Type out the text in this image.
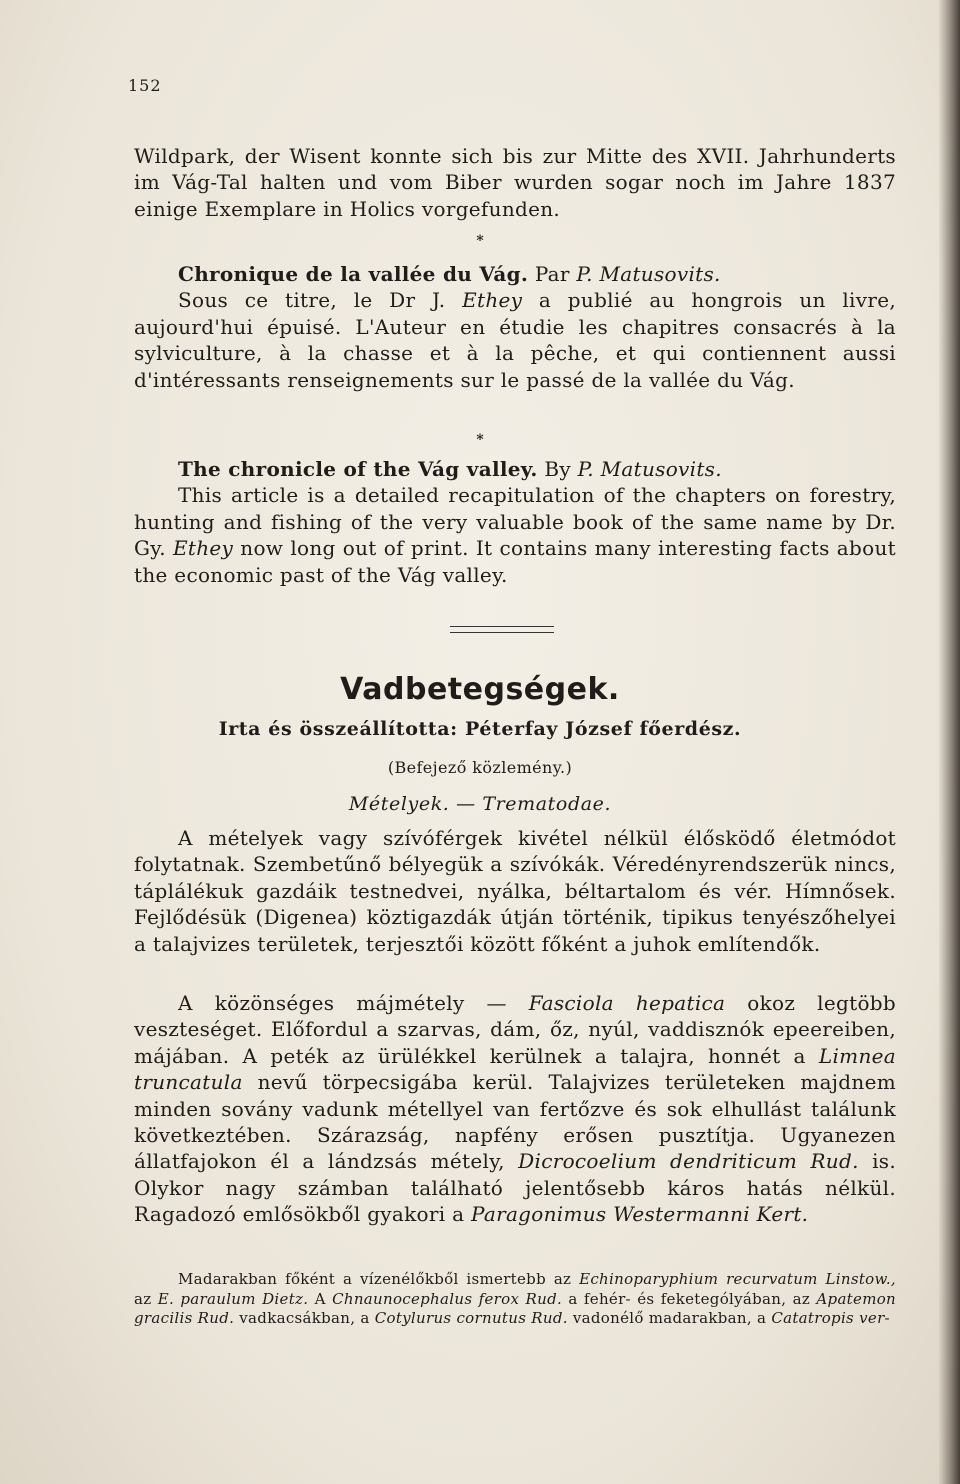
152
Wildpark, der Wisent konnte sich bis zur Mitte des XVII. Jahrhunderts im Vág-Tal halten und vom Biber wurden sogar noch im Jahre 1837 einige Exemplare in Holics vorgefunden.
*
Chronique de la vallée du Vág. Par P. Matusovits.
Sous ce titre, le Dr J. Ethey a publié au hongrois un livre, aujourd'hui épuisé. L'Auteur en étudie les chapitres consacrés à la sylviculture, à la chasse et à la pêche, et qui contiennent aussi d'intéressants renseignements sur le passé de la vallée du Vág.
*
The chronicle of the Vág valley. By P. Matusovits.
This article is a detailed recapitulation of the chapters on forestry, hunting and fishing of the very valuable book of the same name by Dr. Gy. Ethey now long out of print. It contains many interesting facts about the economic past of the Vág valley.
Vadbetegségek.
Irta és összeállította: Péterfay József főerdész.
(Befejező közlemény.)
Mételyek. — Trematodae.
A mételyek vagy szívóférgek kivétel nélkül élősködő életmódot folytatnak. Szembetűnő bélyegük a szívókák. Véredényrendszerük nincs, táplálékuk gazdáik testnedvei, nyálka, béltartalom és vér. Hímnősek. Fejlődésük (Digenea) köztigazdák útján történik, tipikus tenyészőhelyei a talajvizes területek, terjesztői között főként a juhok említendők.
A közönséges májmétely — Fasciola hepatica okoz legtöbb veszteséget. Előfordul a szarvas, dám, őz, nyúl, vaddisznók epeereiben, májában. A peték az ürülékkel kerülnek a talajra, honnét a Limnea truncatula nevű törpecsigába kerül. Talajvizes területeken majdnem minden sovány vadunk métellyel van fertőzve és sok elhullást találunk következtében. Szárazság, napfény erősen pusztítja. Ugyanezen állatfajokon él a lándzsás métely, Dicrocoelium dendriticum Rud. is. Olykor nagy számban található jelentősebb káros hatás nélkül. Ragadozó emlősökből gyakori a Paragonimus Westermanni Kert.
Madarakban főként a vízenélőkből ismertebb az Echinoparyphium recurvatum Linstow., az E. paraulum Dietz. A Chnaunocephalus ferox Rud. a fehér- és feketególyában, az Apatemon gracilis Rud. vadkacsákban, a Cotylurus cornutus Rud. vadonélő madarakban, a Catatropis ver-
